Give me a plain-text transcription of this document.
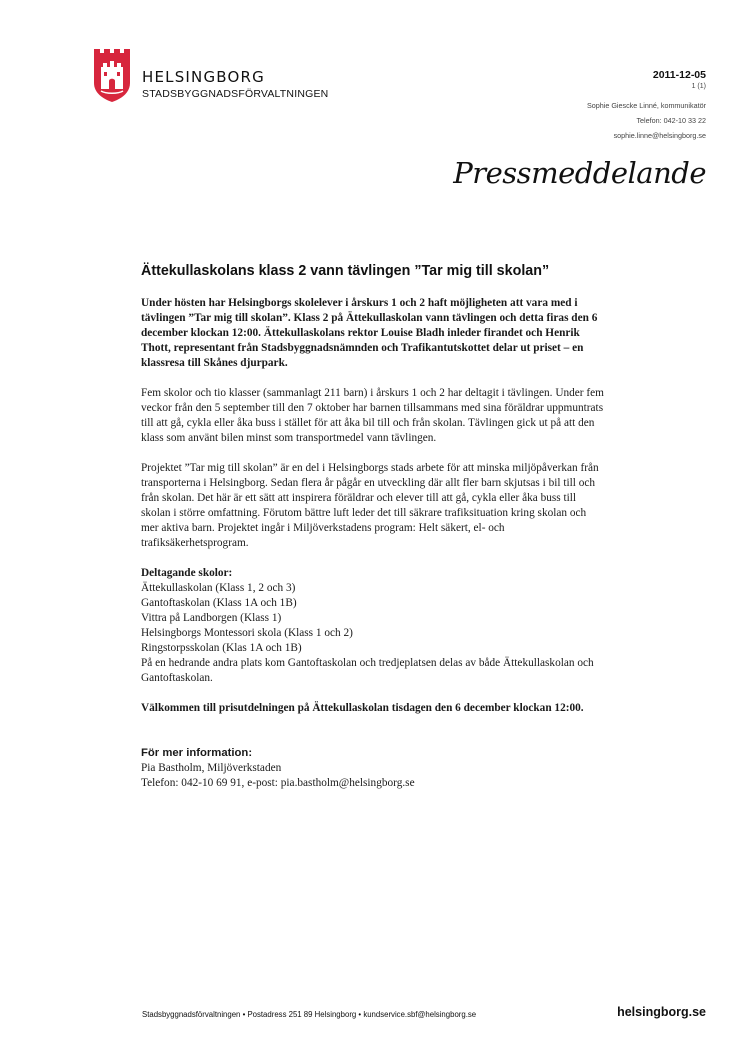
HELSINGBORG
STADSBYGGNADSFÖRVALTNINGEN
2011-12-05
1 (1)
Sophie Giescke Linné, kommunikatör
Telefon: 042-10 33 22
sophie.linne@helsingborg.se
Pressmeddelande
Ättekullaskolans klass 2 vann tävlingen ”Tar mig till skolan”

Under hösten har Helsingborgs skolelever i årskurs 1 och 2 haft möjligheten att vara med i tävlingen ”Tar mig till skolan”. Klass 2 på Ättekullaskolan vann tävlingen och detta firas den 6 december klockan 12:00. Ättekullaskolans rektor Louise Bladh inleder firandet och Henrik Thott, representant från Stadsbyggnadsnämnden och Trafikantutskottet delar ut priset – en klassresa till Skånes djurpark.

Fem skolor och tio klasser (sammanlagt 211 barn) i årskurs 1 och 2 har deltagit i tävlingen. Under fem veckor från den 5 september till den 7 oktober har barnen tillsammans med sina föräldrar uppmuntrats till att gå, cykla eller åka buss i stället för att åka bil till och från skolan. Tävlingen gick ut på att den klass som använt bilen minst som transportmedel vann tävlingen.

Projektet ”Tar mig till skolan” är en del i Helsingborgs stads arbete för att minska miljöpåverkan från transporterna i Helsingborg. Sedan flera år pågår en utveckling där allt fler barn skjutsas i bil till och från skolan. Det här är ett sätt att inspirera föräldrar och elever till att gå, cykla eller åka buss till skolan i större omfattning. Förutom bättre luft leder det till säkrare trafiksituation kring skolan och mer aktiva barn. Projektet ingår i Miljöverkstadens program: Helt säkert, el- och trafiksäkerhetsprogram.

Deltagande skolor:

Ättekullaskolan (Klass 1, 2 och 3)

Gantoftaskolan (Klass 1A och 1B)

Vittra på Landborgen (Klass 1)

Helsingborgs Montessori skola (Klass 1 och 2)

Ringstorpsskolan (Klas 1A och 1B)

På en hedrande andra plats kom Gantoftaskolan och tredjeplatsen delas av både Ättekullaskolan och Gantoftaskolan.

Välkommen till prisutdelningen på Ättekullaskolan tisdagen den 6 december klockan 12:00.

För mer information:

Pia Bastholm, Miljöverkstaden

Telefon: 042-10 69 91, e-post: pia.bastholm@helsingborg.se

Stadsbyggnadsförvaltningen • Postadress 251 89 Helsingborg • kundservice.sbf@helsingborg.se	helsingborg.se
